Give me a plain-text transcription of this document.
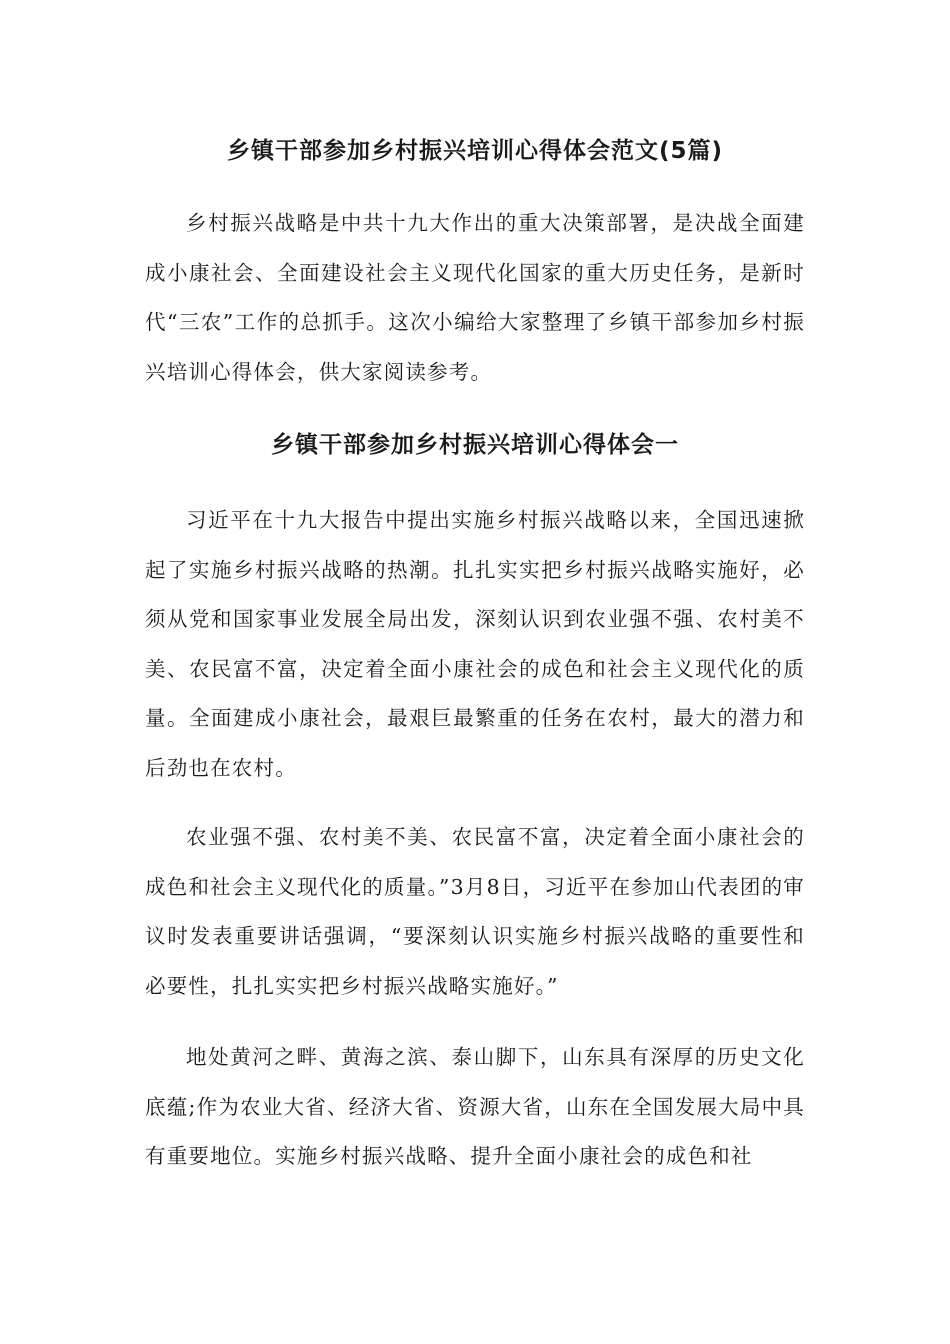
乡镇干部参加乡村振兴培训心得体会范文(5篇)

乡村振兴战略是中共十九大作出的重大决策部署，是决战全面建成小康社会、全面建设社会主义现代化国家的重大历史任务，是新时代“三农”工作的总抓手。这次小编给大家整理了乡镇干部参加乡村振兴培训心得体会，供大家阅读参考。

乡镇干部参加乡村振兴培训心得体会一

习近平在十九大报告中提出实施乡村振兴战略以来，全国迅速掀起了实施乡村振兴战略的热潮。扎扎实实把乡村振兴战略实施好，必须从党和国家事业发展全局出发，深刻认识到农业强不强、农村美不美、农民富不富，决定着全面小康社会的成色和社会主义现代化的质量。全面建成小康社会，最艰巨最繁重的任务在农村，最大的潜力和后劲也在农村。

农业强不强、农村美不美、农民富不富，决定着全面小康社会的成色和社会主义现代化的质量。”3月8日，习近平在参加山代表团的审议时发表重要讲话强调，“要深刻认识实施乡村振兴战略的重要性和必要性，扎扎实实把乡村振兴战略实施好。”

地处黄河之畔、黄海之滨、泰山脚下，山东具有深厚的历史文化底蕴;作为农业大省、经济大省、资源大省，山东在全国发展大局中具有重要地位。实施乡村振兴战略、提升全面小康社会的成色和社
